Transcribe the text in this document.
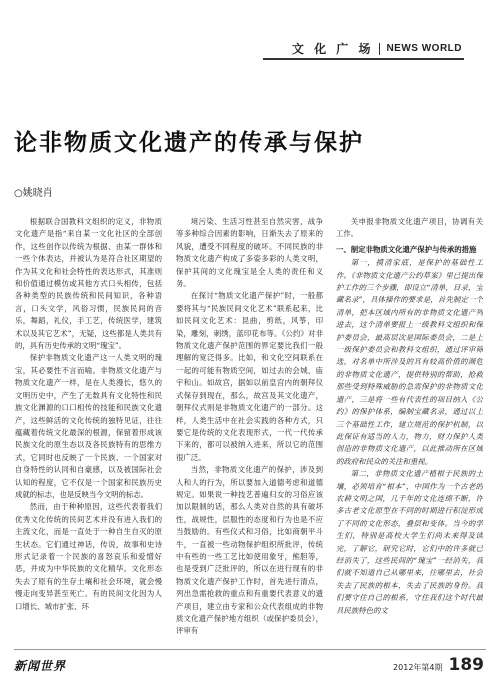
文 化 广 场 NEWS WORLD
论非物质文化遗产的传承与保护
○姚晓肖

根据联合国教科文组织的定义，非物质文化遗产是指“来自某一文化社区的全部创作，这些创作以传统为根据、由某一群体和一些个体表达，并被认为是符合社区期望的作为其文化和社会特性的表达形式，其准则和价值通过模仿或其他方式口头相传，包括各种类型的民族传统和民间知识，各种语言，口头文学，风俗习惯，民族民间的音乐，舞蹈，礼仪，手工艺，传统医学，建筑术以及其它艺术”，无疑，这些都是人类共有的，具有历史传承的文明“瑰宝”。

保护非物质文化遗产这一人类文明的瑰宝，其必要性不言而喻。非物质文化遗产与物质文化遗产一样，是在人类漫长，悠久的文明历史中，产生了无数具有文化特性和民族文化渊源的口口相传的技能和民族文化遗产，这些鲜活的文化传统的独特见证，往往蕴藏着传统文化最深的根源，保留着形成该民族文化的原生态以及各民族特有的思维方式，它同时也反映了一个民族、一个国家对自身特性的认同和自豪感，以及被国际社会认知的程度，它不仅是一个国家和民族历史成就的标志，也是反映当今文明的标志。

然而，由于种种原因，这些代表着我们优秀文化传统的民间艺术并没有进入我们的主流文化，而是一直处于一种自生自灭的原生状态。它们通过神话，传说，故事和史诗形式记录着一个民族的喜怒哀乐和爱憎好恶，并成为中华民族的文化精华。文化形态失去了原有的生存土壤和社会环境，就会慢慢走向变异甚至死亡。有的民间文化因为人口增长、城市扩张、环

境污染、生活习性甚至自然灾害，战争等多种综合因素的影响，日渐失去了原来的风貌，遭受不同程度的破坏。不同民族的非物质文化遗产构成了多姿多彩的人类文明，保护其间的文化瑰宝是全人类的责任和义务。

在探讨“物质文化遗产保护”时，一般都要将其与“民族民间文化艺术”联系起来，比如民间文化艺术：昆曲，剪纸，风筝，印染，雕刻，刺绣，蓝印花布等。《公约》对非物质文化遗产保护范围的界定要比我们一般理解的宽泛得多。比如，和文化空间联系在一起的可能有物质空间，如过去的会城，庙宇和山。如故宫，据如以前皇宫内的朝拜仪式保存到现在，那么，故宫及其文化遗产，朝拜仪式则是非物质文化遗产的一部分。这样，人类生活中在社会实践的各种方式，只要它是传统的文化表现形式，一代一代传承下来的，都可以被纳入进来，所以它的范围很广泛。

当然，非物质文化遗产的保护，涉及到人和人的行为，所以要加入道德考虑和道德规定。如果说一种技艺普遍归女的习俗应该加以限制的话，那么人类对自然的具有破坏性，战规性，层服性的态度和行为也是不应当鼓励的。有些仪式和习俗，比如商朝平斗牛，一直被一些动物保护组织所批评，传统中有些的一些工艺比如使用象牙，熊胆等，也是受到广泛批评的，所以在进行现有的非物质文化遗产保护工作时，首先进行清点，列出急需抢救的重点和有重要代表意义的遗产项目，建立由专家和公众代表组成的非物质文化遗产保护地方组织（或保护委员会），评审有

关申报非物质文化遗产项目，协调有关工作。

一、制定非物质文化遗产保护与传承的措施

第一，摸清家底，是保护的基础性工作。《非物质文化遗产公约草案》里已提出保护工作的三个步骤，即设立“清单，目录，宝藏名录”，具体操作的要求是，首先制定一个清单，把本区域内所有的非物质文化遗产列进去，这个清单要报上一级教科文组织和保护委员会，最高层次是国际委员会，二是上一级保护委员会和教科文组织，通过评审筛选，对名单中所涉及的具有较高价值的濒危的非物质文化遗产，提供特别的帮助，抢救那些受到特殊威胁的急需保护的非物质文化遗产，三是将一些有代表性的项目纳入《公约》的保护体系，编制宝藏名录，通过以上三个基础性工作，建立规范的保护机制，以此保证有适当的人力，物力，财力保护人类创造的非物质文化遗产，以此推动所在区域的政府和民众的关注和重视。

第二，非物质文化遗产植根于民族的土壤，必须培育“根本”，中国作为一个古老的农耕文明之国，几千年的文化连绵不断，许多古老文化原型在不同的时期进行积淀形成了不同的文化形态，叠层和变体。当今的学生们，特别是高校大学生们尚未来得及读完，了解它，研究它时，它们中的许多就已经消失了，这些民间的“瑰宝”一经消失，我们就不知道自己从哪里来，往哪里去，社会失去了民族的根本，失去了民族的身份。我们要守住自己的根系，守住我们这个时代最具民族特色的文

新闻世界	2012年第4期 189
